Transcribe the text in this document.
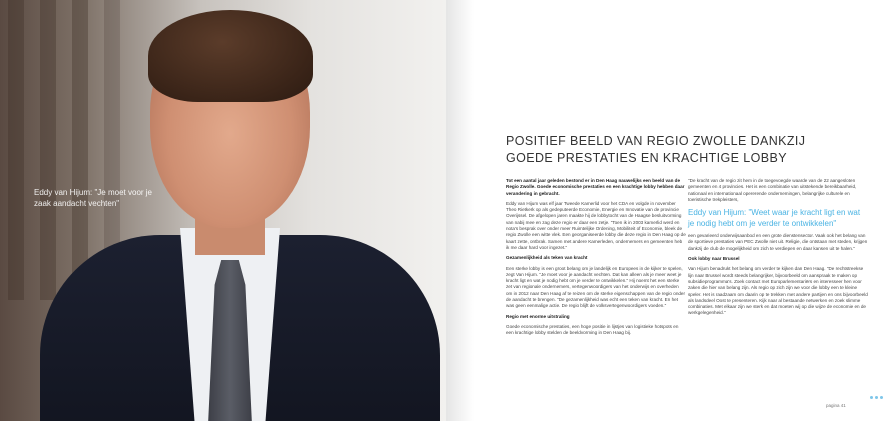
Eddy van Hijum: "Je moet voor je zaak aandacht vechten"
POSITIEF BEELD VAN REGIO ZWOLLE DANKZIJ
GOEDE PRESTATIES EN KRACHTIGE LOBBY

Tot een aantal jaar geleden bestond er in Den Haag nauwelijks een beeld van de Regio Zwolle. Goede economische prestaties en een krachtige lobby hebben daar verandering in gebracht.

Eddy van Hijum was elf jaar Tweede Kamerlid voor het CDA en volgde in november Theo Rietkerk op als gedeputeerde Economie, Energie en Innovatie van de provincie Overijssel. De afgelopen jaren maakte hij de lobbytocht van de Haagse besluitvorming van nabij mee en zag deze regio er daar een zetje. "Toen ik in 2003 kamerlid werd en nota's besprak over onder meer Ruimtelijke Ordening, Mobiliteit of Economie, bleek de regio Zwolle een witte vlek. Een georganiseerde lobby die deze regio in Den Haag op de kaart zette, ontbrak. Samen met andere Kamerleden, ondernemers en gemeenten heb ik me daar hard voor ingezet."

Gezamenlijkheid als teken van kracht

Een sterke lobby is een groot belang om je landelijk en Europees in de kijker te spelen, zegt Van Hijum. "Je moet voor je aandacht vechten. Dat kan alleen als je meer weet je kracht ligt en wat je nodig hebt om je verder te ontwikkelen." Hij noemt het een sterke zet van regionale ondernemers, vertegenwoordigers van het onderwijs en overheden om in 2012 naar Den Haag af te reizen om de sterke eigenschappen van de regio onder de aandacht te brengen. "De gezamenlijkheid was echt een teken van kracht. En het was geen eenmalige actie. De regio blijft de volksvertegenwoordigers voeden."

Regio met enorme uitstraling

Goede economische prestaties, een hoge positie in lijstjes van logistieke hotspots en een krachtige lobby stelden de beeldvorming in Den Haag bij.

"De kracht van de regio zit hem in de toegevoegde waarde van de 22 aangesloten gemeenten en 4 provincies. Het is een combinatie van uitstekende bereikbaarheid, nationaal en internationaal opererende ondernemingen, belangrijke culturele en toeristische trekpleisters,

Eddy van Hijum: "Weet waar je kracht ligt en wat je nodig hebt om je verder te ontwikkelen"

een gevarieerd onderwijsaanbod en een grote dienstensector. Vaak ook het belang van de sportieve prestaties van PEC Zwolle niet uit. Religie, die ontstaan met steden, krijgen dankzij de club de mogelijkheid om zich te verdiepen en daar kansen uit te halen."

Ook lobby naar Brussel

Van Hijum benadrukt het belang om verder te kijken dan Den Haag. "De rechtstreekse lijn naar Brussel wordt steeds belangrijker, bijvoorbeeld om aanspraak te maken op subsidieprogramma's. Zoek contact met Europarlementariërs en interesseer hen voor zaken die hier van belang zijn. Als regio op zich zijn we voor die lobby een te kleine speler. Het is raadzaam om daarin op te trekken met andere partijen en ons bijvoorbeeld als landsdeel Oost te presenteren. Kijk naar al bestaande netwerken en zoek slimme combinaties. Met elkaar zijn we sterk en dat moeten wij op die wijze de economie en de werkgelegenheid."

pagina 41
